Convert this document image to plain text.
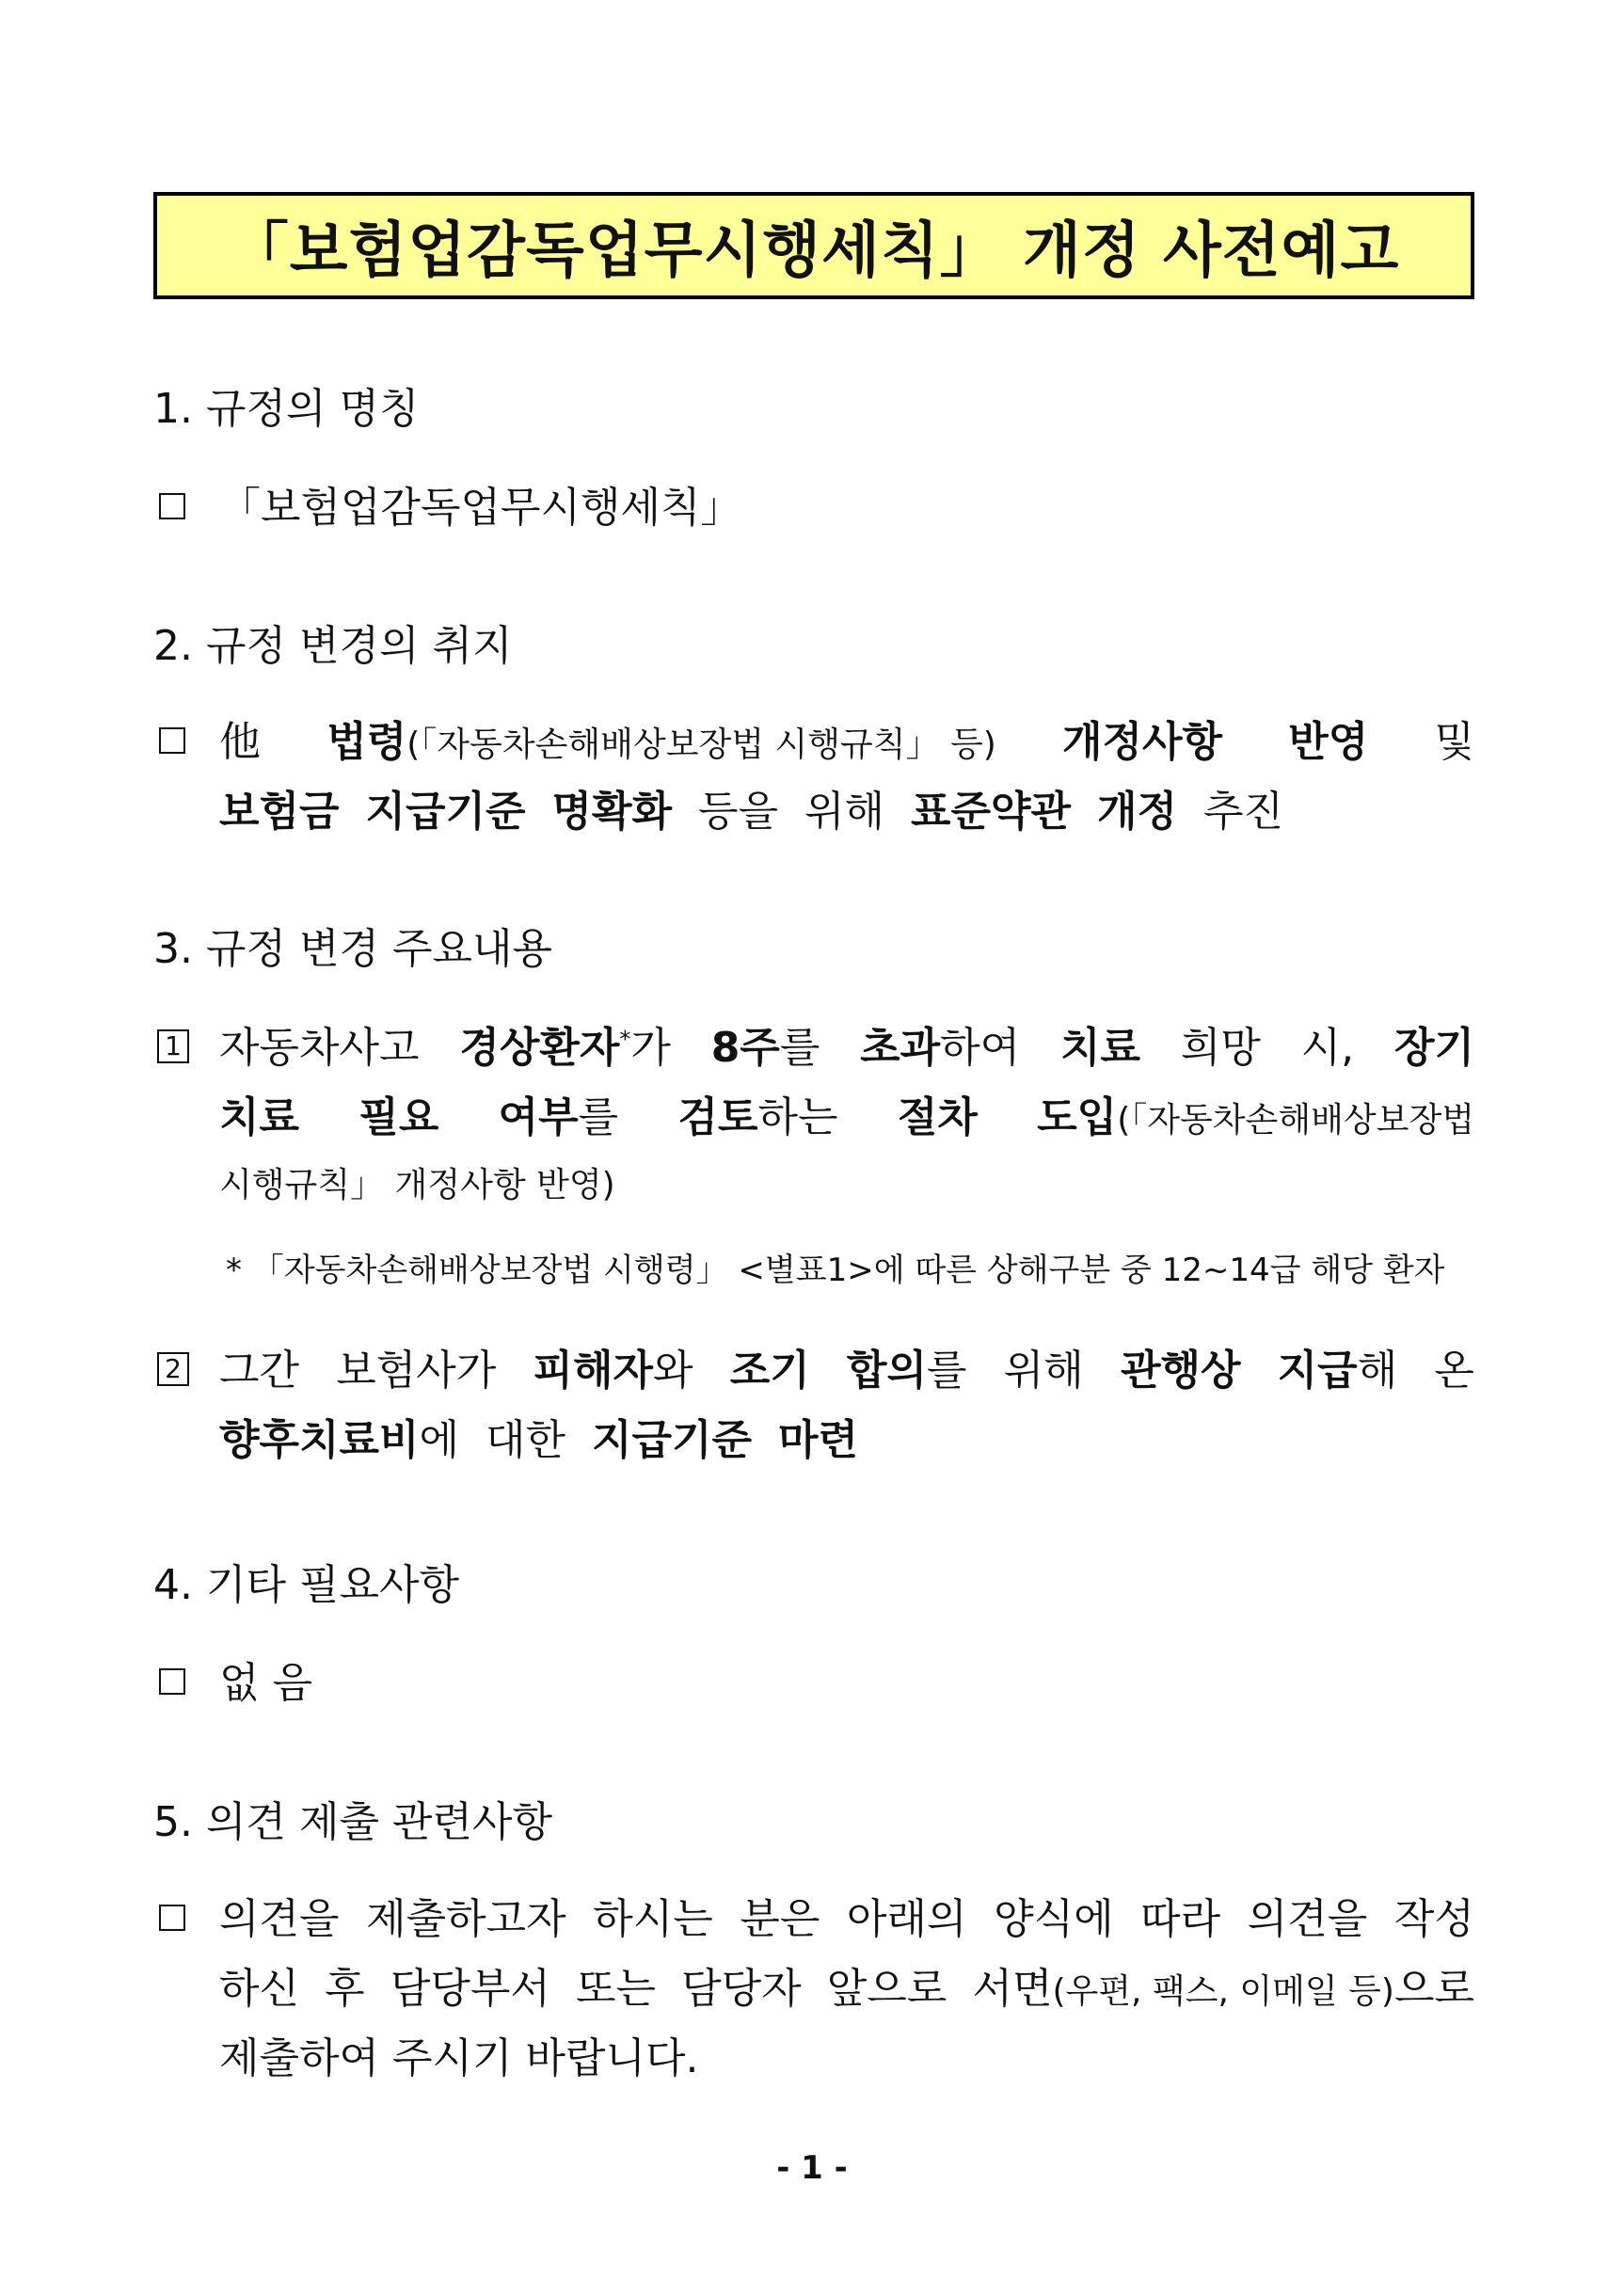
「보험업감독업무시행세칙」 개정 사전예고
1. 규정의 명칭
「보험업감독업무시행세칙」
2. 규정 변경의 취지
他 법령(「자동차손해배상보장법 시행규칙」 등) 개정사항 반영 및
보험금 지급기준 명확화 등을 위해 표준약관 개정 추진
3. 규정 변경 주요내용
1 자동차사고 경상환자*가 8주를 초과하여 치료 희망 시, 장기
치료 필요 여부를 검토하는 절차 도입(「자동차손해배상보장법
시행규칙」 개정사항 반영)
* 「자동차손해배상보장법 시행령」 <별표1>에 따른 상해구분 중 12~14급 해당 환자
2 그간 보험사가 피해자와 조기 합의를 위해 관행상 지급해 온
향후치료비에 대한 지급기준 마련
4. 기타 필요사항
없 음
5. 의견 제출 관련사항
의견을 제출하고자 하시는 분은 아래의 양식에 따라 의견을 작성
하신 후 담당부서 또는 담당자 앞으로 서면(우편, 팩스, 이메일 등)으로
제출하여 주시기 바랍니다.
- 1 -
